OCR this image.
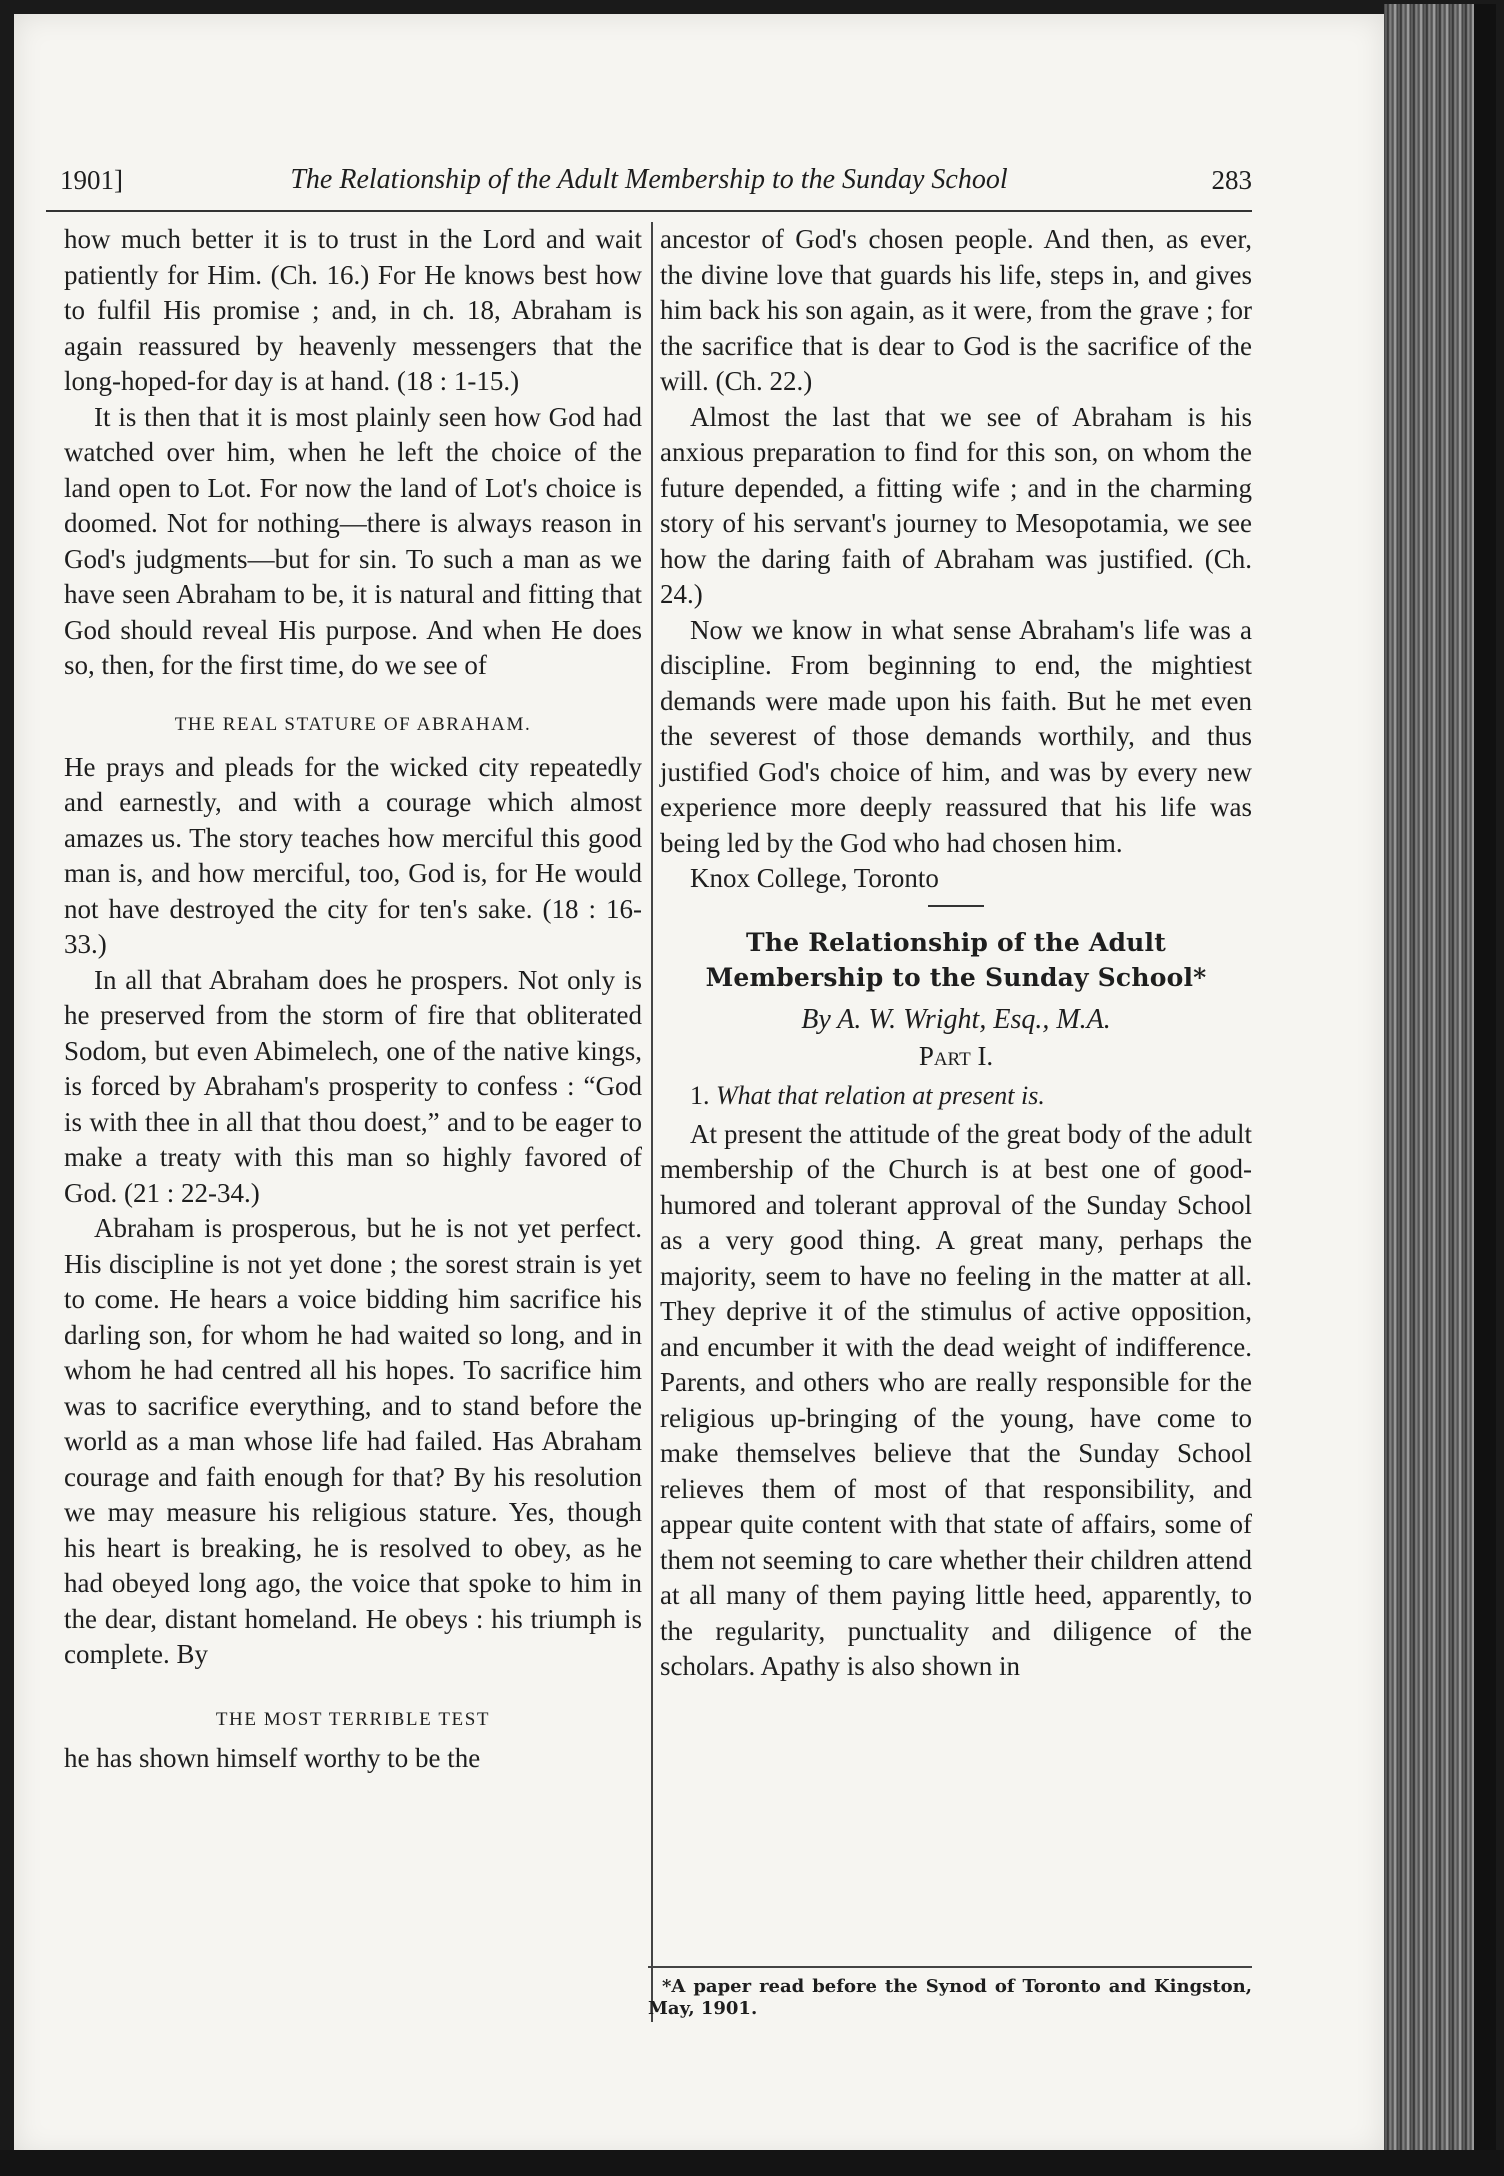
1901]	The Relationship of the Adult Membership to the Sunday School	283

how much better it is to trust in the Lord and wait patiently for Him. (Ch. 16.) For He knows best how to fulfil His promise ; and, in ch. 18, Abraham is again reassured by heavenly messengers that the long-hoped-for day is at hand. (18 : 1-15.)

It is then that it is most plainly seen how God had watched over him, when he left the choice of the land open to Lot. For now the land of Lot's choice is doomed. Not for nothing—there is always reason in God's judgments—but for sin. To such a man as we have seen Abraham to be, it is natural and fitting that God should reveal His purpose. And when He does so, then, for the first time, do we see of

THE REAL STATURE OF ABRAHAM.

He prays and pleads for the wicked city repeatedly and earnestly, and with a courage which almost amazes us. The story teaches how merciful this good man is, and how merciful, too, God is, for He would not have destroyed the city for ten's sake. (18 : 16-33.)

In all that Abraham does he prospers. Not only is he preserved from the storm of fire that obliterated Sodom, but even Abimelech, one of the native kings, is forced by Abraham's prosperity to confess : “God is with thee in all that thou doest,” and to be eager to make a treaty with this man so highly favored of God. (21 : 22-34.)

Abraham is prosperous, but he is not yet perfect. His discipline is not yet done ; the sorest strain is yet to come. He hears a voice bidding him sacrifice his darling son, for whom he had waited so long, and in whom he had centred all his hopes. To sacrifice him was to sacrifice everything, and to stand before the world as a man whose life had failed. Has Abraham courage and faith enough for that? By his resolution we may measure his religious stature. Yes, though his heart is breaking, he is resolved to obey, as he had obeyed long ago, the voice that spoke to him in the dear, distant homeland. He obeys : his triumph is complete. By

THE MOST TERRIBLE TEST

he has shown himself worthy to be the

ancestor of God's chosen people. And then, as ever, the divine love that guards his life, steps in, and gives him back his son again, as it were, from the grave ; for the sacrifice that is dear to God is the sacrifice of the will. (Ch. 22.)

Almost the last that we see of Abraham is his anxious preparation to find for this son, on whom the future depended, a fitting wife ; and in the charming story of his servant's journey to Mesopotamia, we see how the daring faith of Abraham was justified. (Ch. 24.)

Now we know in what sense Abraham's life was a discipline. From beginning to end, the mightiest demands were made upon his faith. But he met even the severest of those demands worthily, and thus justified God's choice of him, and was by every new experience more deeply reassured that his life was being led by the God who had chosen him.

Knox College, Toronto

The Relationship of the Adult Membership to the Sunday School*
By A. W. Wright, Esq., M.A.
Part I.
1. What that relation at present is.

At present the attitude of the great body of the adult membership of the Church is at best one of good-humored and tolerant approval of the Sunday School as a very good thing. A great many, perhaps the majority, seem to have no feeling in the matter at all. They deprive it of the stimulus of active opposition, and encumber it with the dead weight of indifference. Parents, and others who are really responsible for the religious up-bringing of the young, have come to make themselves believe that the Sunday School relieves them of most of that responsibility, and appear quite content with that state of affairs, some of them not seeming to care whether their children attend at all many of them paying little heed, apparently, to the regularity, punctuality and diligence of the scholars. Apathy is also shown in

*A paper read before the Synod of Toronto and Kingston, May, 1901.
